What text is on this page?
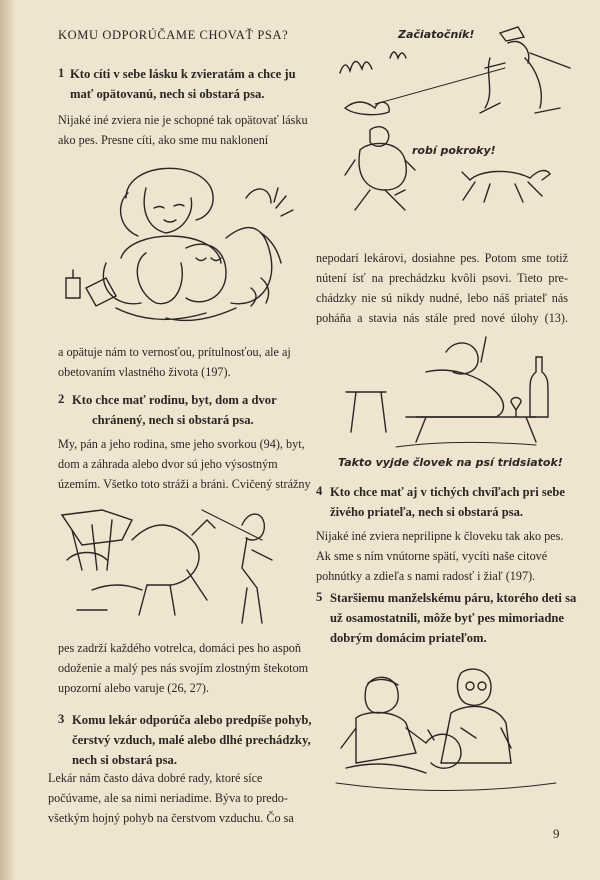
KOMU ODPORÚČAME CHOVAŤ PSA?
1 Kto cíti v sebe lásku k zvieratám a chce ju
mať opätovanú, nech si obstará psa.
Nijaké iné zviera nie je schopné tak opätovať lásku
ako pes. Presne cíti, ako sme mu naklonení
a opätuje nám to vernosťou, prítulnosťou, ale aj
obetovaním vlastného života (197).
2 Kto chce mať rodinu, byt, dom a dvor
chránený, nech si obstará psa.
My, pán a jeho rodina, sme jeho svorkou (94), byt,
dom a záhrada alebo dvor sú jeho výsostným
územím. Všetko toto stráži a bráni. Cvičený strážny
pes zadrží každého votrelca, domáci pes ho aspoň
odoženie a malý pes nás svojím zlostným štekotom
upozorní alebo varuje (26, 27).
3 Komu lekár odporúča alebo predpíše pohyb,
čerstvý vzduch, malé alebo dlhé prechádzky,
nech si obstará psa.
Lekár nám často dáva dobré rady, ktoré síce
počúvame, ale sa nimi neriadime. Býva to predo-
všetkým hojný pohyb na čerstvom vzduchu. Čo sa
Začiatočník!
robí pokroky!
nepodarí lekárovi, dosiahne pes. Potom sme totiž
nútení ísť na prechádzku kvôli psovi. Tieto pre-
chádzky nie sú nikdy nudné, lebo náš priateľ nás
poháňa a stavia nás stále pred nové úlohy (13).
Takto vyjde človek na psí tridsiatok!
4 Kto chce mať aj v tichých chvíľach pri sebe
živého priateľa, nech si obstará psa.
Nijaké iné zviera neprilipne k človeku tak ako pes.
Ak sme s ním vnútorne spätí, vycíti naše citové
pohnútky a zdieľa s nami radosť i žiaľ (197).
5 Staršiemu manželskému páru, ktorého deti sa
už osamostatnili, môže byť pes mimoriadne
dobrým domácim priateľom.
9
